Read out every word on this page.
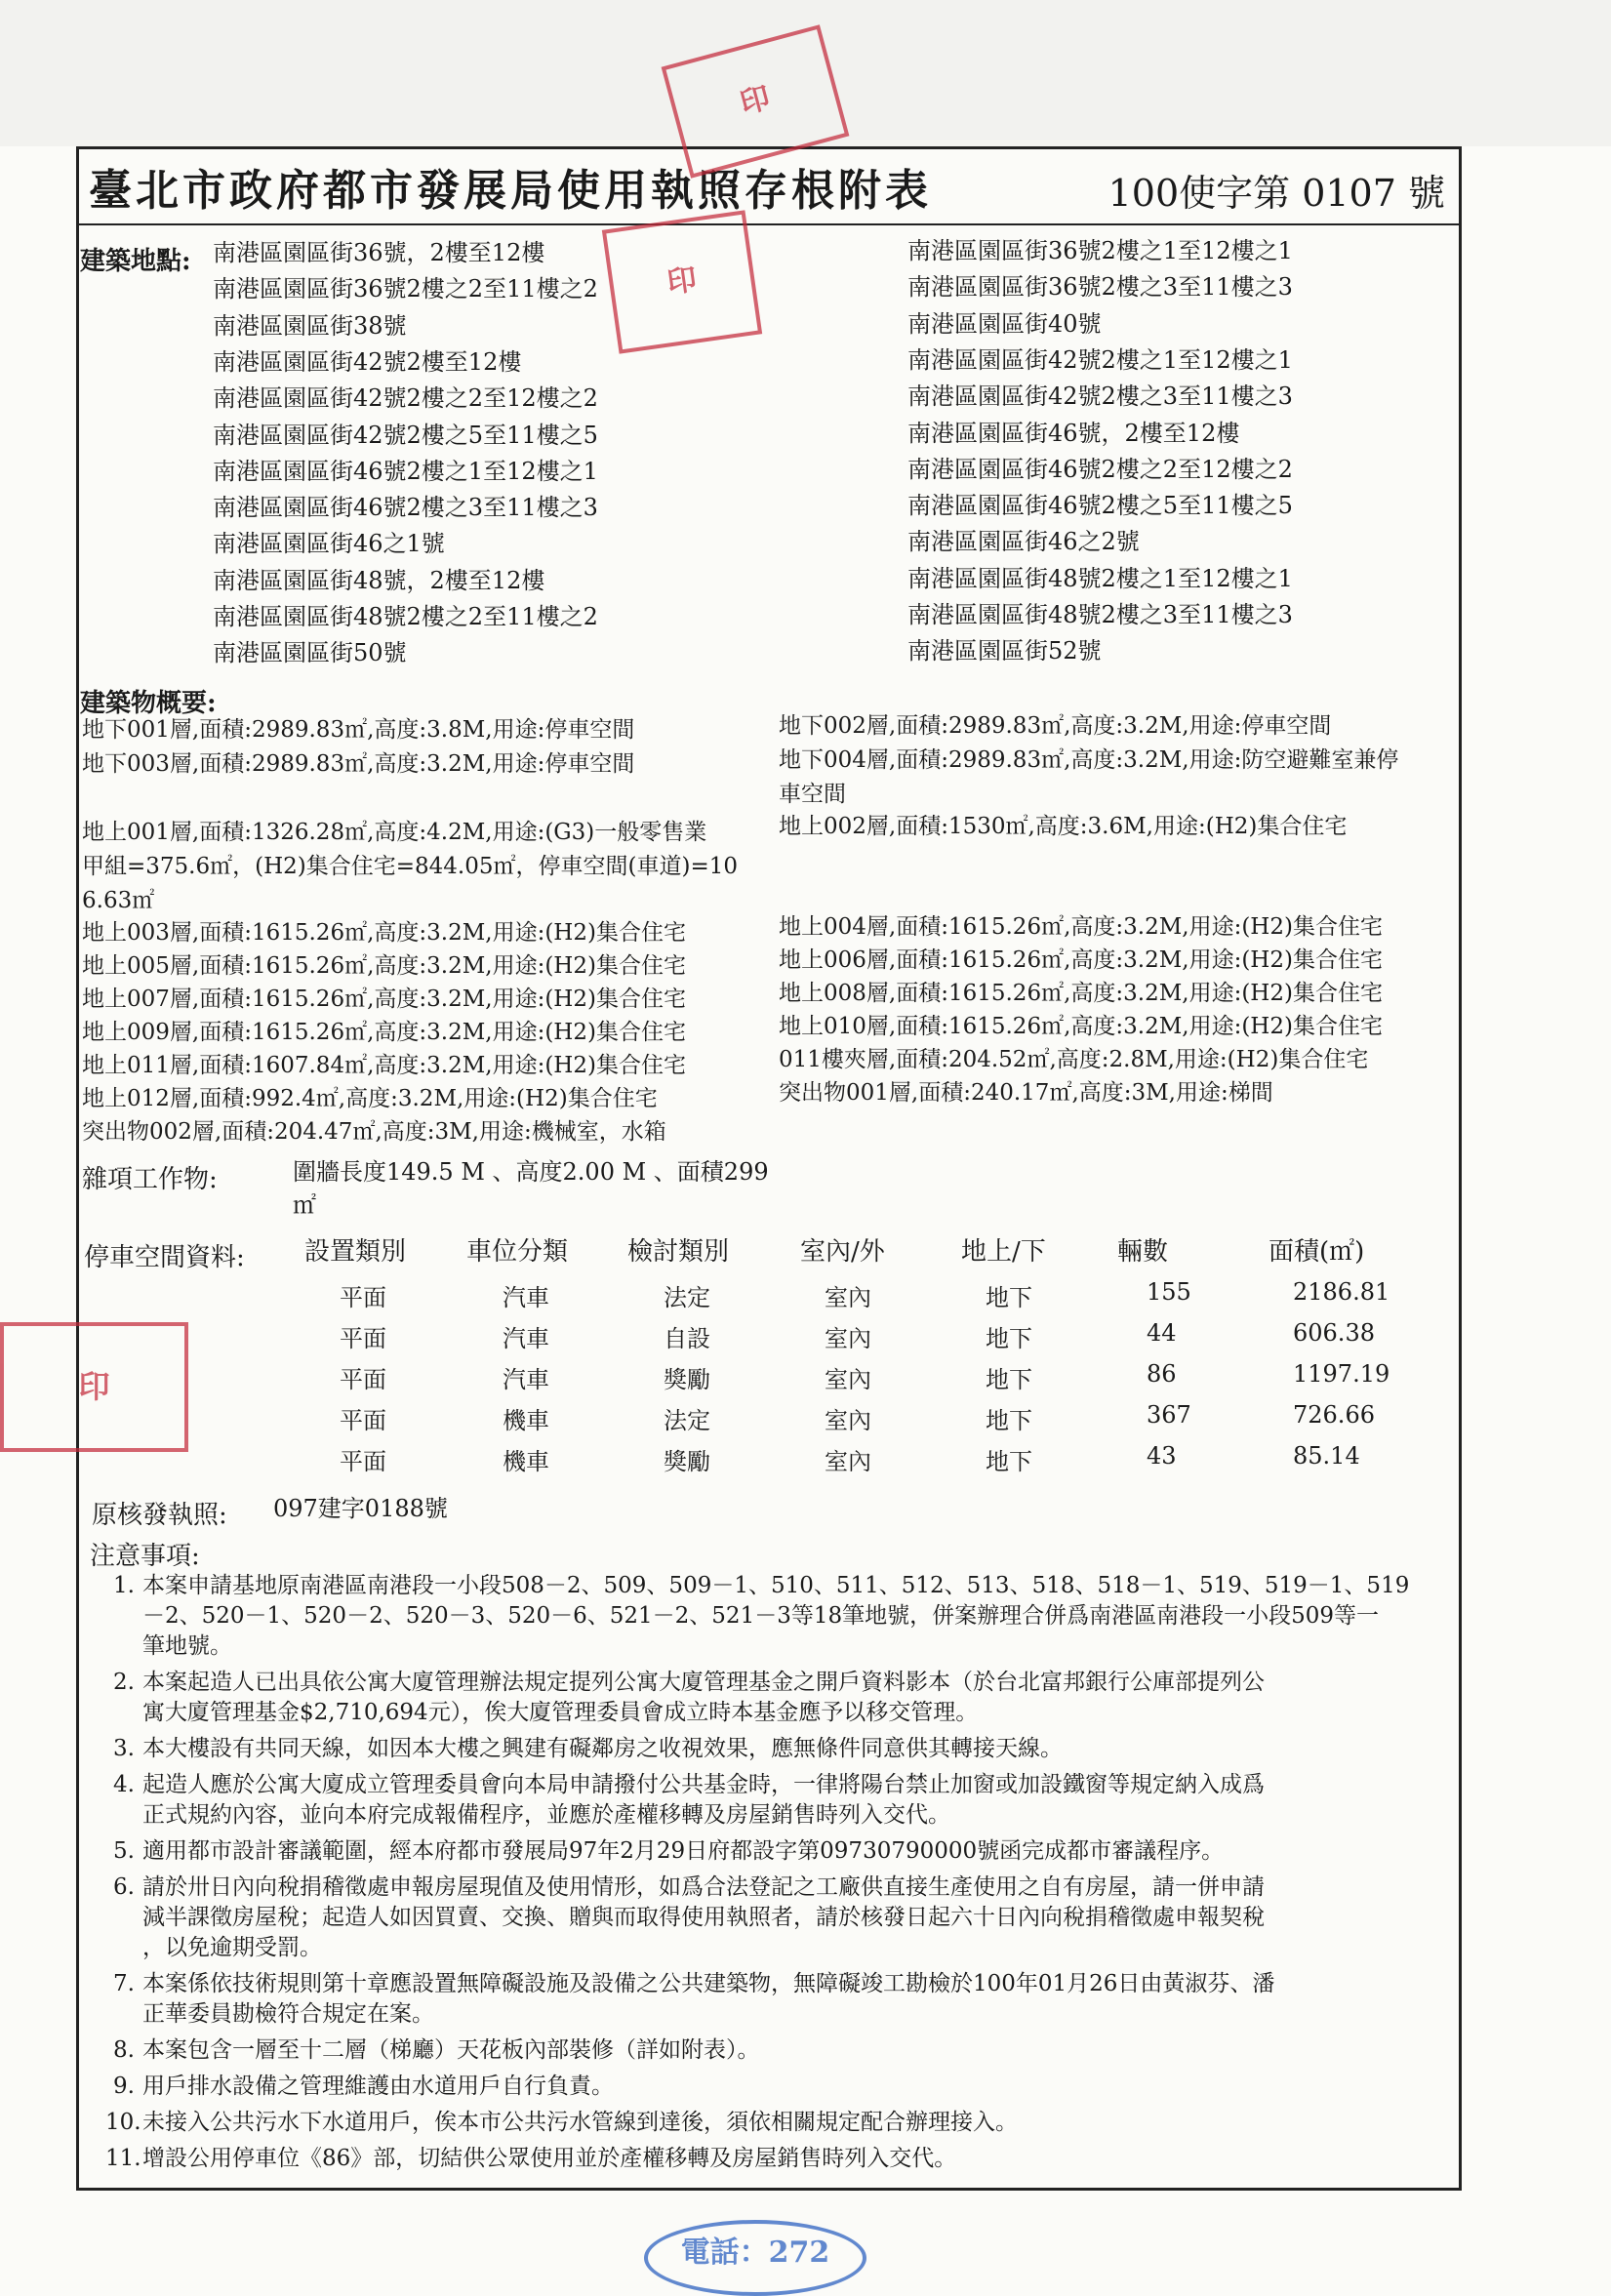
臺北市政府都市發展局使用執照存根附表	100使字第 0107 號
印
印
印
建築地點: 南港區園區街36號，2樓至12樓
南港區園區街36號2樓之2至11樓之2
南港區園區街38號
南港區園區街42號2樓至12樓
南港區園區街42號2樓之2至12樓之2
南港區園區街42號2樓之5至11樓之5
南港區園區街46號2樓之1至12樓之1
南港區園區街46號2樓之3至11樓之3
南港區園區街46之1號
南港區園區街48號，2樓至12樓
南港區園區街48號2樓之2至11樓之2
南港區園區街50號
南港區園區街36號2樓之1至12樓之1
南港區園區街36號2樓之3至11樓之3
南港區園區街40號
南港區園區街42號2樓之1至12樓之1
南港區園區街42號2樓之3至11樓之3
南港區園區街46號，2樓至12樓
南港區園區街46號2樓之2至12樓之2
南港區園區街46號2樓之5至11樓之5
南港區園區街46之2號
南港區園區街48號2樓之1至12樓之1
南港區園區街48號2樓之3至11樓之3
南港區園區街52號
建築物概要:
地下001層,面積:2989.83㎡,高度:3.8M,用途:停車空間
地下003層,面積:2989.83㎡,高度:3.2M,用途:停車空間
地上001層,面積:1326.28㎡,高度:4.2M,用途:(G3)一般零售業
甲組=375.6㎡，(H2)集合住宅=844.05㎡，停車空間(車道)=10
6.63㎡
地上003層,面積:1615.26㎡,高度:3.2M,用途:(H2)集合住宅
地上005層,面積:1615.26㎡,高度:3.2M,用途:(H2)集合住宅
地上007層,面積:1615.26㎡,高度:3.2M,用途:(H2)集合住宅
地上009層,面積:1615.26㎡,高度:3.2M,用途:(H2)集合住宅
地上011層,面積:1607.84㎡,高度:3.2M,用途:(H2)集合住宅
地上012層,面積:992.4㎡,高度:3.2M,用途:(H2)集合住宅
突出物002層,面積:204.47㎡,高度:3M,用途:機械室，水箱
地下002層,面積:2989.83㎡,高度:3.2M,用途:停車空間
地下004層,面積:2989.83㎡,高度:3.2M,用途:防空避難室兼停
車空間
地上002層,面積:1530㎡,高度:3.6M,用途:(H2)集合住宅
地上004層,面積:1615.26㎡,高度:3.2M,用途:(H2)集合住宅
地上006層,面積:1615.26㎡,高度:3.2M,用途:(H2)集合住宅
地上008層,面積:1615.26㎡,高度:3.2M,用途:(H2)集合住宅
地上010層,面積:1615.26㎡,高度:3.2M,用途:(H2)集合住宅
011樓夾層,面積:204.52㎡,高度:2.8M,用途:(H2)集合住宅
突出物001層,面積:240.17㎡,高度:3M,用途:梯間
雜項工作物:	圍牆長度149.5 M 、高度2.00 M 、面積299
㎡
停車空間資料: 設置類別 車位分類 檢討類別	室內/外	地上/下	輛數	面積(㎡)
平面	汽車	法定	室內	地下	155	2186.81
平面	汽車	自設	室內	地下	44	606.38
平面	汽車	獎勵	室內	地下	86	1197.19
平面	機車	法定	室內	地下	367	726.66
平面	機車	獎勵	室內	地下	43	85.14
原核發執照: 097建字0188號
注意事項:
1. 本案申請基地原南港區南港段一小段508－2、509、509－1、510、511、512、513、518、518－1、519、519－1、519
－2、520－1、520－2、520－3、520－6、521－2、521－3等18筆地號，併案辦理合併爲南港區南港段一小段509等一
筆地號。
2. 本案起造人已出具依公寓大廈管理辦法規定提列公寓大廈管理基金之開戶資料影本（於台北富邦銀行公庫部提列公
寓大廈管理基金$2,710,694元），俟大廈管理委員會成立時本基金應予以移交管理。
3. 本大樓設有共同天線，如因本大樓之興建有礙鄰房之收視效果，應無條件同意供其轉接天線。
4. 起造人應於公寓大廈成立管理委員會向本局申請撥付公共基金時，一律將陽台禁止加窗或加設鐵窗等規定納入成爲
正式規約內容，並向本府完成報備程序，並應於產權移轉及房屋銷售時列入交代。
5. 適用都市設計審議範圍，經本府都市發展局97年2月29日府都設字第09730790000號函完成都市審議程序。
6. 請於卅日內向稅捐稽徵處申報房屋現值及使用情形，如爲合法登記之工廠供直接生產使用之自有房屋，請一併申請
減半課徵房屋稅；起造人如因買賣、交換、贈與而取得使用執照者，請於核發日起六十日內向稅捐稽徵處申報契稅
，以免逾期受罰。
7. 本案係依技術規則第十章應設置無障礙設施及設備之公共建築物，無障礙竣工勘檢於100年01月26日由黃淑芬、潘
正華委員勘檢符合規定在案。
8. 本案包含一層至十二層（梯廳）天花板內部裝修（詳如附表）。
9. 用戶排水設備之管理維護由水道用戶自行負責。
10. 未接入公共污水下水道用戶，俟本市公共污水管線到達後，須依相關規定配合辦理接入。
11. 增設公用停車位《86》部，切結供公眾使用並於產權移轉及房屋銷售時列入交代。
電話：272
